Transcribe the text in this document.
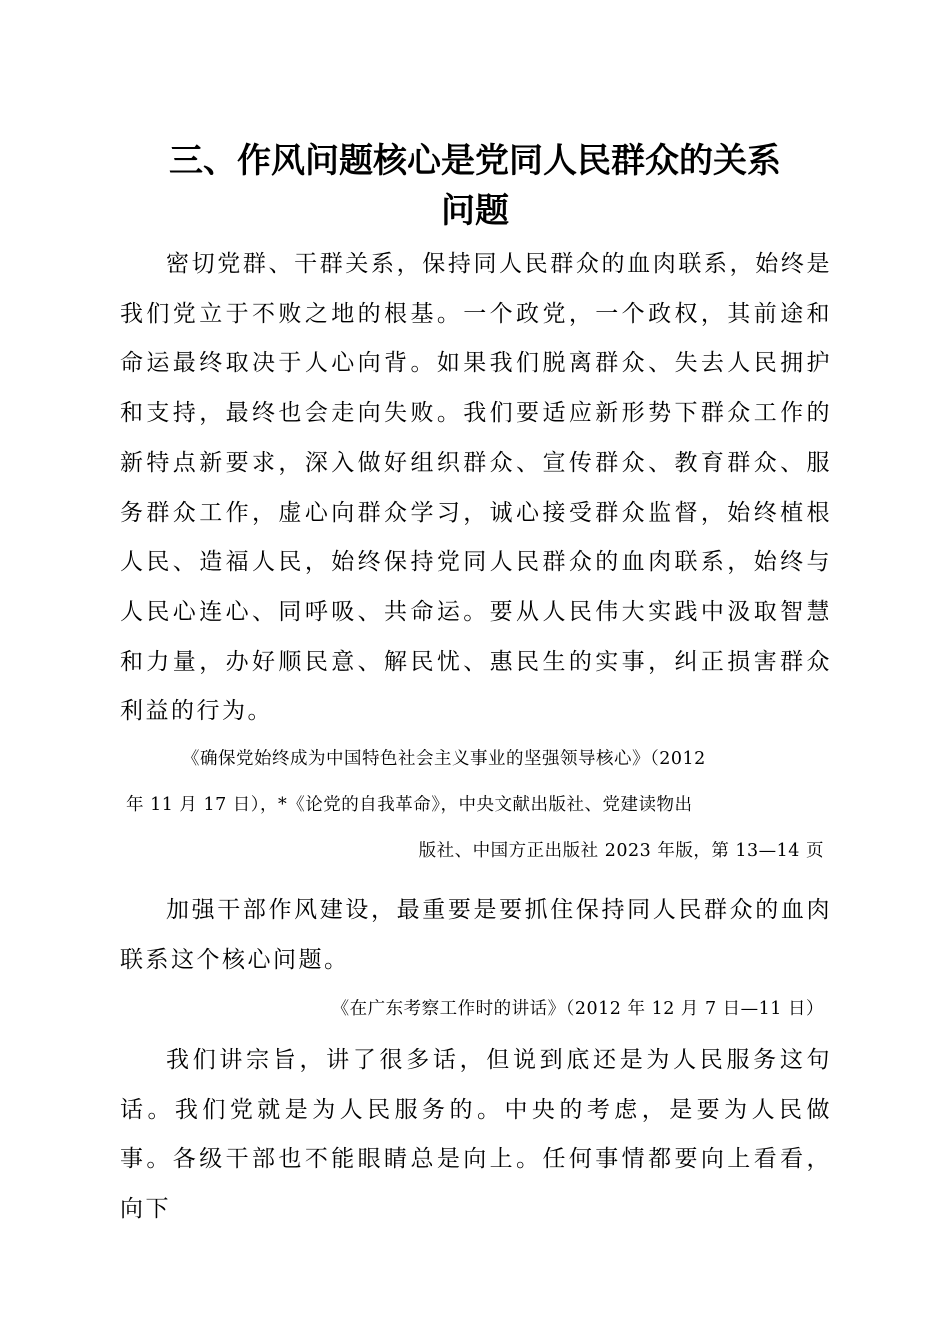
三、作风问题核心是党同人民群众的关系
问题
密切党群、干群关系，保持同人民群众的血肉联系，始终是我们党立于不败之地的根基。一个政党，一个政权，其前途和命运最终取决于人心向背。如果我们脱离群众、失去人民拥护和支持，最终也会走向失败。我们要适应新形势下群众工作的新特点新要求，深入做好组织群众、宣传群众、教育群众、服务群众工作，虚心向群众学习，诚心接受群众监督，始终植根人民、造福人民，始终保持党同人民群众的血肉联系，始终与人民心连心、同呼吸、共命运。要从人民伟大实践中汲取智慧和力量，办好顺民意、解民忧、惠民生的实事，纠正损害群众利益的行为。
《确保党始终成为中国特色社会主义事业的坚强领导核心》（2012
年 11 月 17 日），*《论党的自我革命》，中央文献出版社、党建读物出
版社、中国方正出版社 2023 年版，第 13—14 页
加强干部作风建设，最重要是要抓住保持同人民群众的血肉联系这个核心问题。
《在广东考察工作时的讲话》（2012 年 12 月 7 日—11 日）
我们讲宗旨，讲了很多话，但说到底还是为人民服务这句话。我们党就是为人民服务的。中央的考虑，是要为人民做事。各级干部也不能眼睛总是向上。任何事情都要向上看看，向下
